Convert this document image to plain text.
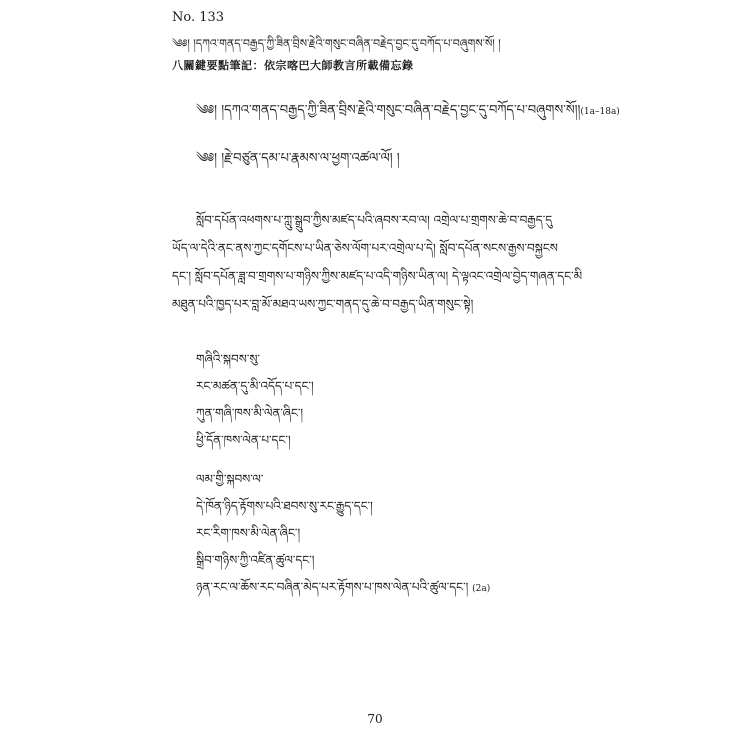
No. 133
༄༅། །དཀའ་གནད་བརྒྱད་ཀྱི་ཟིན་བྲིས་རྗེའི་གསུང་བཞིན་བརྗེད་བྱང་དུ་བཀོད་པ་བཞུགས་སོ། །
八關鍵要點筆記：依宗喀巴大師教言所載備忘錄
༄༅། །དཀའ་གནད་བརྒྱད་ཀྱི་ཟིན་བྲིས་རྗེའི་གསུང་བཞིན་བརྗེད་བྱང་དུ་བཀོད་པ་བཞུགས་སོ།།(1a–18a)
༄༅། །རྗེ་བཙུན་དམ་པ་རྣམས་ལ་ཕྱག་འཚལ་ལོ། །
སློབ་དཔོན་འཕགས་པ་ཀླུ་སྒྲུབ་ཀྱིས་མཛད་པའི་ཞབས་རབ་ལ། འགྲེལ་པ་གྲགས་ཆེ་བ་བརྒྱད་དུ
ཡོད་ལ་དེའི་ནང་ནས་ཀྱང་དགོངས་པ་ཡིན་ཅེས་ལོག་པར་འགྲེལ་པ་དེ། སློབ་དཔོན་སངས་རྒྱས་བསྐྱངས
དང་། སློབ་དཔོན་ཟླ་བ་གྲགས་པ་གཉིས་ཀྱིས་མཛད་པ་འདི་གཉིས་ཡིན་ལ། དེ་ལྟའང་འགྲེལ་བྱེད་གཞན་དང་མི
མཐུན་པའི་ཁྱད་པར་བླ་མོ་མཐའ་ཡས་ཀྱང་གནད་དུ་ཆེ་བ་བརྒྱད་ཡིན་གསུང་སྟེ།
གཞིའི་སྐབས་སུ་
རང་མཚན་དུ་མི་འདོད་པ་དང་།
ཀུན་གཞི་ཁས་མི་ལེན་ཞིང་།
ཕྱི་དོན་ཁས་ལེན་པ་དང་།
ལམ་གྱི་སྐབས་ལ་
དེ་ཁོན་ཉིད་རྟོགས་པའི་ཐབས་སུ་རང་རྒྱུད་དང་།
རང་རིག་ཁས་མི་ལེན་ཞིང་།
སྒྲིབ་གཉིས་ཀྱི་འཛིན་ཚུལ་དང་།
ཉན་རང་ལ་ཆོས་རང་བཞིན་མེད་པར་རྟོགས་པ་ཁས་ལེན་པའི་ཚུལ་དང་། (2a)
70
